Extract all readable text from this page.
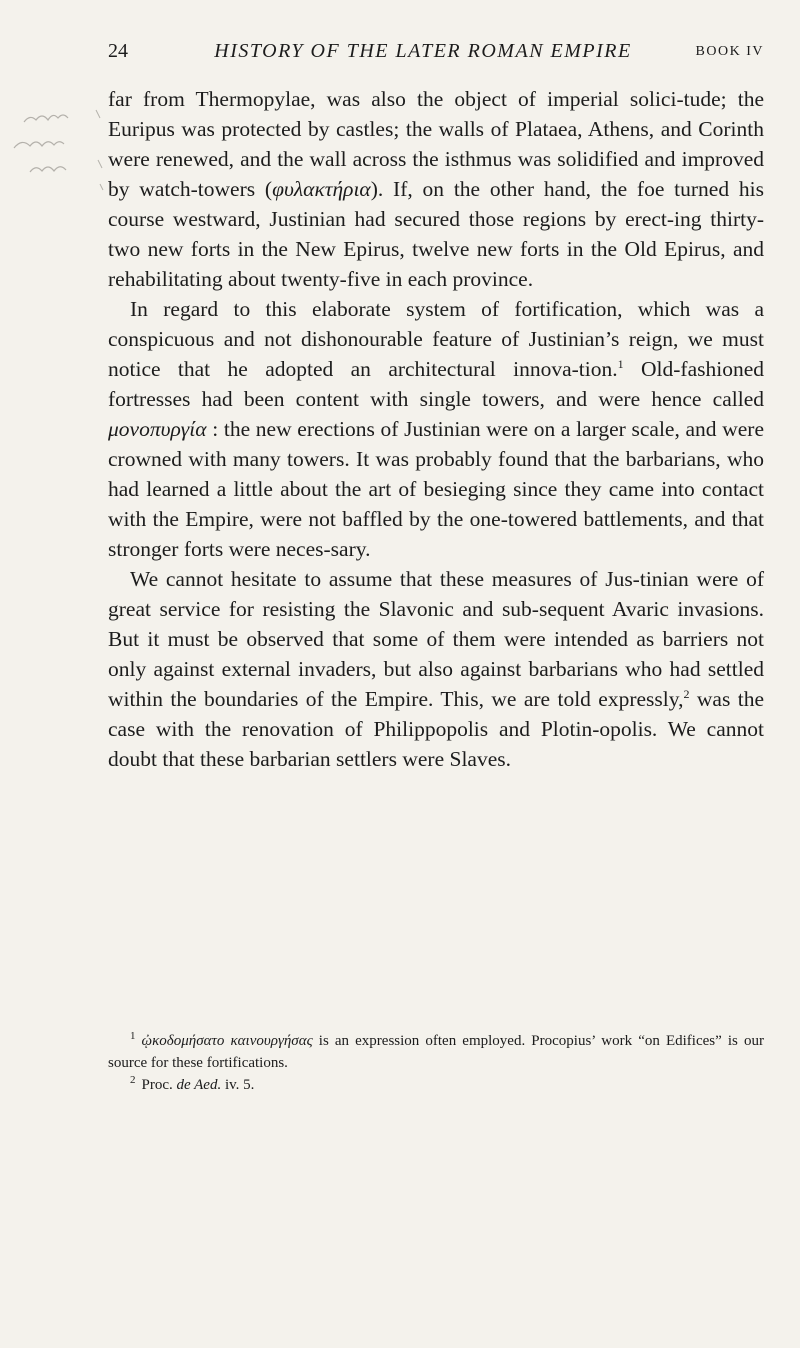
24	HISTORY OF THE LATER ROMAN EMPIRE	BOOK IV

far from Thermopylae, was also the object of imperial solici-tude; the Euripus was protected by castles; the walls of Plataea, Athens, and Corinth were renewed, and the wall across the isthmus was solidified and improved by watch-towers (φυλακτήρια). If, on the other hand, the foe turned his course westward, Justinian had secured those regions by erect-ing thirty-two new forts in the New Epirus, twelve new forts in the Old Epirus, and rehabilitating about twenty-five in each province.

In regard to this elaborate system of fortification, which was a conspicuous and not dishonourable feature of Justinian’s reign, we must notice that he adopted an architectural innova-tion.$^1$ Old-fashioned fortresses had been content with single towers, and were hence called μονοπυργία : the new erections of Justinian were on a larger scale, and were crowned with many towers. It was probably found that the barbarians, who had learned a little about the art of besieging since they came into contact with the Empire, were not baffled by the one-towered battlements, and that stronger forts were neces-sary.

We cannot hesitate to assume that these measures of Jus-tinian were of great service for resisting the Slavonic and sub-sequent Avaric invasions. But it must be observed that some of them were intended as barriers not only against external invaders, but also against barbarians who had settled within the boundaries of the Empire. This, we are told expressly,$^2$ was the case with the renovation of Philippopolis and Plotin-opolis. We cannot doubt that these barbarian settlers were Slaves.

$^1$ ᾠκοδομήσατο καινουργήσας is an expression often employed. Procopius’ work “on Edifices” is our source for these fortifications.

$^2$ Proc. de Aed. iv. 5.
